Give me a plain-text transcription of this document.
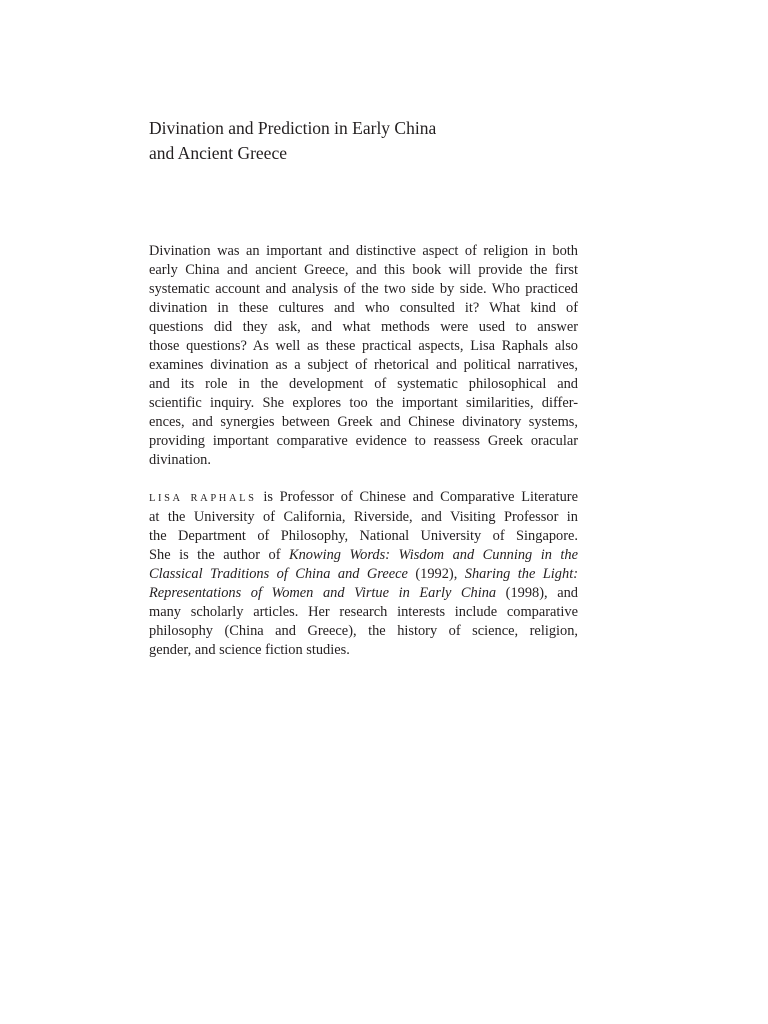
Divination and Prediction in Early China
and Ancient Greece
Divination was an important and distinctive aspect of religion in both
early China and ancient Greece, and this book will provide the first
systematic account and analysis of the two side by side. Who practiced
divination in these cultures and who consulted it? What kind of
questions did they ask, and what methods were used to answer
those questions? As well as these practical aspects, Lisa Raphals also
examines divination as a subject of rhetorical and political narratives,
and its role in the development of systematic philosophical and
scientific inquiry. She explores too the important similarities, differ-
ences, and synergies between Greek and Chinese divinatory systems,
providing important comparative evidence to reassess Greek oracular
divination.
LISA RAPHALS is Professor of Chinese and Comparative Literature
at the University of California, Riverside, and Visiting Professor in
the Department of Philosophy, National University of Singapore.
She is the author of Knowing Words: Wisdom and Cunning in the
Classical Traditions of China and Greece (1992), Sharing the Light:
Representations of Women and Virtue in Early China (1998), and
many scholarly articles. Her research interests include comparative
philosophy (China and Greece), the history of science, religion,
gender, and science fiction studies.
